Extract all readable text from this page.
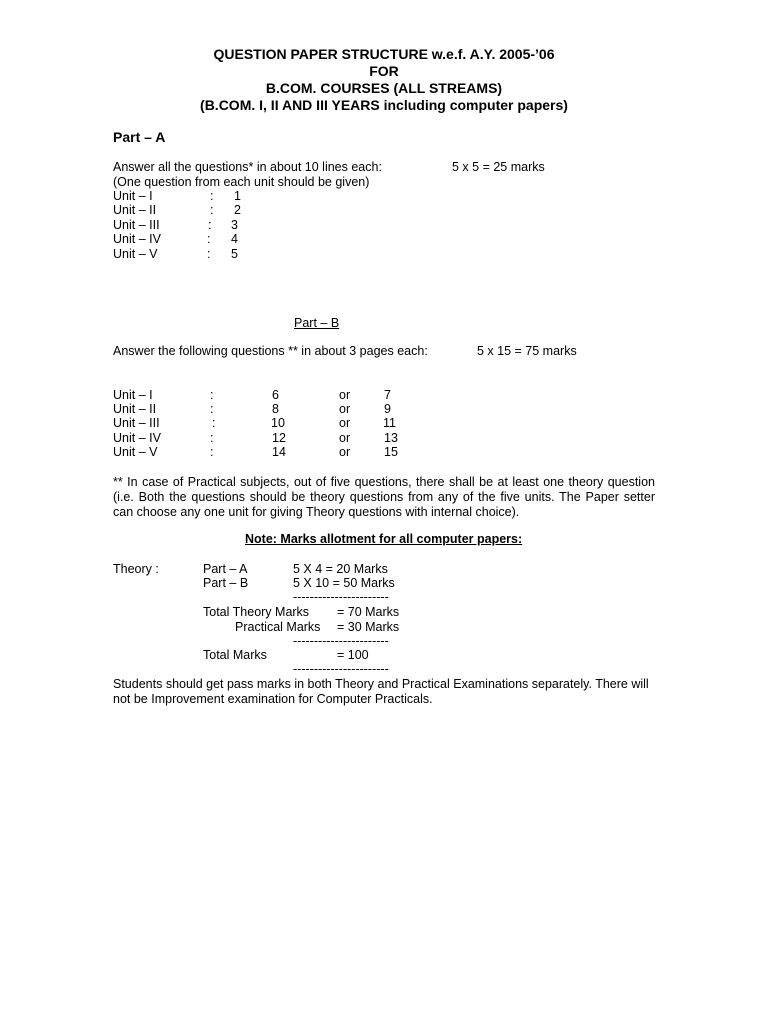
QUESTION PAPER STRUCTURE w.e.f. A.Y. 2005-’06
FOR
B.COM. COURSES (ALL STREAMS)
(B.COM. I, II AND III YEARS including computer papers)
Part – A
Answer all the questions* in about 10 lines each:	5 x 5 = 25 marks
(One question from each unit should be given)
Unit – I	: 1
Unit – II	: 2
Unit – III	: 3
Unit – IV	: 4
Unit – V	: 5
Part – B
Answer the following questions ** in about 3 pages each:	5 x 15 = 75 marks
Unit – I	:	6	or	7
Unit – II	:	8	or	9
Unit – III	:	10	or	11
Unit – IV	:	12	or	13
Unit – V	:	14	or	15
** In case of Practical subjects, out of five questions, there shall be at least one theory question (i.e. Both the questions should be theory questions from any of the five units. The Paper setter can choose any one unit for giving Theory questions with internal choice).
Note: Marks allotment for all computer papers:
Theory :	Part – A	5 X 4 = 20 Marks
Part – B	5 X 10 = 50 Marks
-----------------------
Total Theory Marks = 70 Marks
Practical Marks = 30 Marks
-----------------------
Total Marks	= 100
-----------------------
Students should get pass marks in both Theory and Practical Examinations separately. There will not be Improvement examination for Computer Practicals.
